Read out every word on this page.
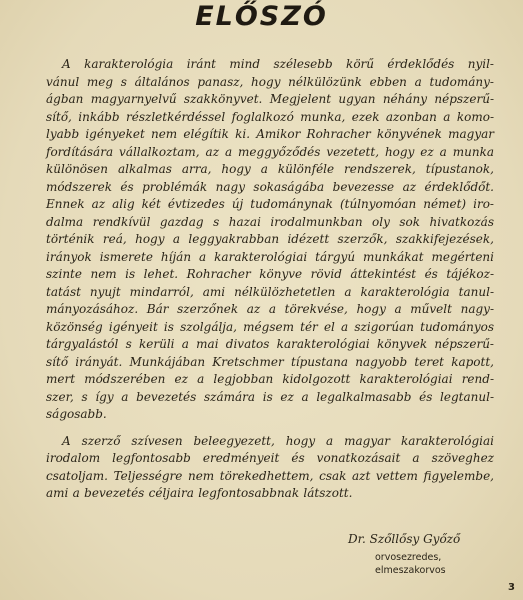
ELŐSZÓ
A karakterológia iránt mind szélesebb körű érdeklődés nyil-
vánul meg s általános panasz, hogy nélkülözünk ebben a tudomány-
ágban magyarnyelvű szakkönyvet. Megjelent ugyan néhány népszerű-
sítő, inkább részletkérdéssel foglalkozó munka, ezek azonban a komo-
lyabb igényeket nem elégítik ki. Amikor Rohracher könyvének magyar
fordítására vállalkoztam, az a meggyőződés vezetett, hogy ez a munka
különösen alkalmas arra, hogy a különféle rendszerek, típustanok,
módszerek és problémák nagy sokaságába bevezesse az érdeklődőt.
Ennek az alig két évtizedes új tudománynak (túlnyomóan német) iro-
dalma rendkívül gazdag s hazai irodalmunkban oly sok hivatkozás
történik reá, hogy a leggyakrabban idézett szerzők, szakkifejezések,
irányok ismerete híján a karakterológiai tárgyú munkákat megérteni
szinte nem is lehet. Rohracher könyve rövid áttekintést és tájékoz-
tatást nyujt mindarról, ami nélkülözhetetlen a karakterológia tanul-
mányozásához. Bár szerzőnek az a törekvése, hogy a művelt nagy-
közönség igényeit is szolgálja, mégsem tér el a szigorúan tudományos
tárgyalástól s kerüli a mai divatos karakterológiai könyvek népszerű-
sítő irányát. Munkájában Kretschmer típustana nagyobb teret kapott,
mert módszerében ez a legjobban kidolgozott karakterológiai rend-
szer, s így a bevezetés számára is ez a legalkalmasabb és legtanul-
ságosabb.
A szerző szívesen beleegyezett, hogy a magyar karakterológiai
irodalom legfontosabb eredményeit és vonatkozásait a szöveghez
csatoljam. Teljességre nem törekedhettem, csak azt vettem figyelembe,
ami a bevezetés céljaira legfontosabbnak látszott.
Dr. Szőllősy Győző
orvosezredes,
elmeszakorvos
3
